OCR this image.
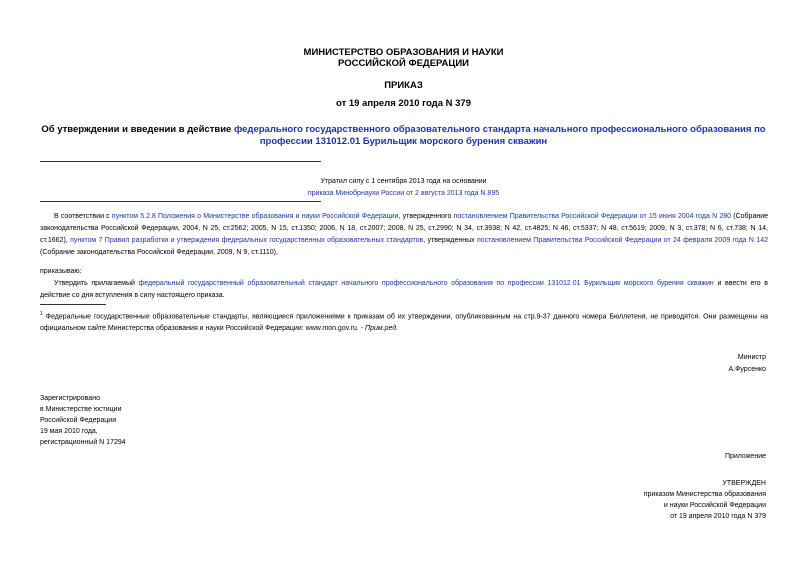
МИНИСТЕРСТВО ОБРАЗОВАНИЯ И НАУКИ
РОССИЙСКОЙ ФЕДЕРАЦИИ
ПРИКАЗ
от 19 апреля 2010 года N 379
Об утверждении и введении в действие федерального государственного образовательного стандарта начального профессионального образования по профессии 131012.01 Бурильщик морского бурения скважин
Утратил силу с 1 сентября 2013 года на основании
приказа Минобрнауки России от 2 августа 2013 года N 895
В соответствии с пунктом 5.2.8 Положения о Министерстве образования и науки Российской Федерации, утвержденного постановлением Правительства Российской Федерации от 15 июня 2004 года N 280 (Собрание законодательства Российской Федерации, 2004, N 25, ст.2562; 2005, N 15, ст.1350; 2006, N 18, ст.2007; 2008, N 25, ст.2990; N 34, ст.3938; N 42, ст.4825; N 46, ст.5337; N 48, ст.5619; 2009, N 3, ст.378; N 6, ст.738; N 14, ст.1662), пунктом 7 Правил разработки и утверждения федеральных государственных образовательных стандартов, утвержденных постановлением Правительства Российской Федерации от 24 февраля 2009 года N 142 (Собрание законодательства Российской Федерации, 2009, N 9, ст.1110),
приказываю:
Утвердить прилагаемый федеральный государственный образовательный стандарт начального профессионального образования по профессии 131012.01 Бурильщик морского бурения скважин и ввести его в действие со дня вступления в силу настоящего приказа.
$^1$ Федеральные государственные образовательные стандарты, являющиеся приложениями к приказам об их утверждении, опубликованным на стр.9-37 данного номера Бюллетеня, не приводятся. Они размещены на официальном сайте Министерства образования и науки Российской Федерации: www.mon.gov.ru. - Прим.ред.
Министр
А.Фурсенко
Зарегистрировано
в Министерстве юстиции
Российской Федерации
19 мая 2010 года,
регистрационный N 17294
Приложение
УТВЕРЖДЕН
приказом Министерства образования
и науки Российской Федерации
от 19 апреля 2010 года N 379
